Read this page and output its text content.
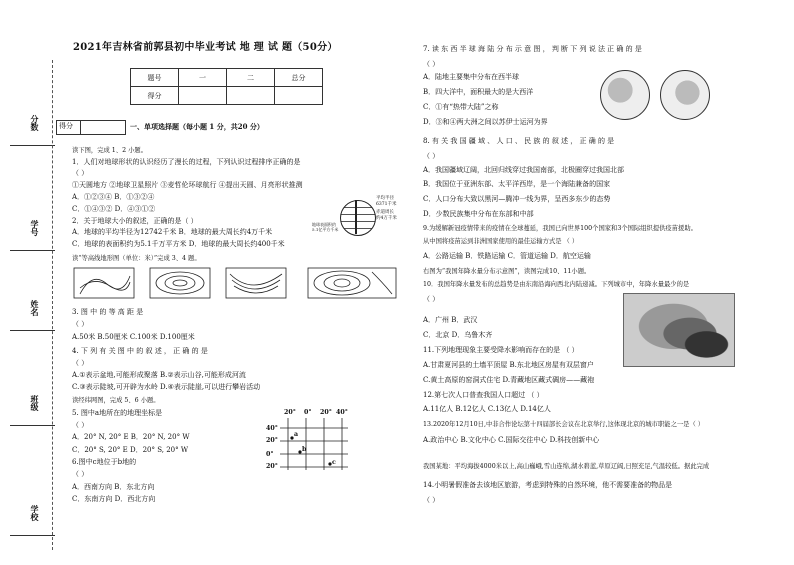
分数
学号
姓名
班级
学校
2021年吉林省前郭县初中毕业考试 地 理 试 题（50分）
题号	一	二	总分
得分			
得分	一、单项选择题（每小题 1 分，共20 分）
读下图，完成 1、2 小题。
1．人们对地球形状的认识经历了漫长的过程，下列认识过程排序正确的是
（ ）
①天圆地方 ②地球卫星照片 ③麦哲伦环球航行 ④提出天圆、月亮形状推测
A．①②③④ B．①③②④
C．①④③② D．④③①②
2．关于地球大小的叙述，正确的是（ ）
A．地球的平均半径为12742千米 B．地球的最大周长约4万千米
C．地球的表面积约为5.1千万平方米 D．地球的最大周长约400千米
读“等高线地形图（单位：米）”完成 3、4 题。
平均半径
6371千米
赤道周长
约4万千米
地球表面积约5.1亿平方千米
3. 图 中 的 等 高 距 是
（ ）
A.50米 B.50厘米 C.100米 D.100厘米
4. 下 列 有 关 图 中 的 叙 述 ， 正 确 的 是
（ ）
A.①表示盆地,可能形成聚落 B.②表示山谷,可能形成河流
C.③表示陡坡,可开辟为水岭 D.④表示陡崖,可以进行攀岩活动
读经纬网图，完成 5、6 小题。
5. 图中a地所在的地理坐标是
（ ）
A．20° N, 20° E B．20° N, 20° W
C．20° S, 20° E D．20° S, 20° W
6.图中c地位于b地的
（ ）
A．西南方向 B．东北方向
C．东南方向 D．西北方向
20° 0° 20° 40°
40°
20°
0°
20°
a
b
c
7. 读 东 西 半 球 海 陆 分 布 示 意 图 ， 判 断 下 列 说 法 正 确 的 是
（ ）
A．陆地主要集中分布在西半球
B．四大洋中，面积最大的是大西洋
C．①有“热带大陆”之称
D．③和④两大洲之间以苏伊士运河为界
8. 有 关 我 国 疆 域 、 人 口 、 民 族 的 叙 述 ， 正 确 的 是
（ ）
A．我国疆域辽阔，北回归线穿过我国南部，北极圈穿过我国北部
B．我国位于亚洲东部、太平洋西岸，是一个海陆兼备的国家
C．人口分布大致以黑河—腾冲一线为界，呈西多东少的态势
D．少数民族集中分布在东部和中部
9.为缓解新冠疫情带来的疫情在全球蔓延，我国已向世界100个国家和3个国际组织提供疫苗援助。
从中国将疫苗运到非洲国家使用的最佳运输方式是 （ ）
A．公路运输 B．铁路运输 C．管道运输 D．航空运输
右图为“我国年降水量分布示意图”，读图完成10、11小题。
10．我国年降水量发布的总趋势是由东南沿海向西北内陆递减。下列城市中，年降水量最少的是
（ ）
A．广州 B．武汉
C．北京 D．乌鲁木齐
11.下列地理现象主要受降水影响而存在的是 （ ）
A.甘肃夏河县的土墙平顶屋 B.东北地区房屋有双层窗户
C.黄土高原的窑洞式住宅 D.青藏地区藏式碉房——藏袍
12.第七次人口普查我国人口超过 （ ）
A.11亿人 B.12亿人 C.13亿人 D.14亿人
13.2020年12月10日,中非合作论坛第十四届部长会议在北京举行,这体现北京的城市职能之一是（ ）
A.政治中心 B.文化中心 C.国际交往中心 D.科技创新中心
我国某地：平均海拔4000米以上,高山巍峨,雪山连绵,湖水碧蓝,草原辽阔,日照充足,气温较低。据此完成
14.小明暑假准备去该地区旅游，考虑到特殊的自然环境，他不需要准备的物品是
（ ）
